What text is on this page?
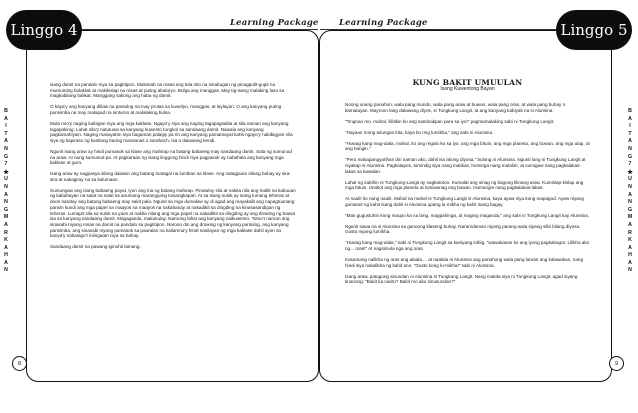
Linggo 4	Learning Package
B
A
I
T
A
N
G
7
★
U
N
A
N
G
M
A
R
K
A
H
A
N

isang damit na pandalo niya sa pagtitipon. Makintab na rosas ang tela nito na sinabugan ng pinagpulit-gupit na mumunting bulaklak at makikislap na rosas at puting abaloryo. Bolga ang manggas. May tig-isang malaking laso sa magkabilang balikat. Manggang sakong ang haba ng damit.

O kaya'y ang kanyang diliaw na pantulog na may prutas sa kuwelyo, manggas, at laylayan. O ang kanyang puting pansimba na may malapad na sinturon at malalaking bulsa.

Mula noo'y naging kaibigan niya ang mga kaklase. Ngayo'y siya ang naging tagapagsalita at sila naman ang kanyang tagapakinig. Lahat sila'y natutuwa sa kanyang kuwento tungkol sa sandaang damit. Nawala ang kanyang pagkamahiyain. Naging masayahin siya bagaman palagiy pa rin ang kanyang pamamayat kahit ngayo'y nabibigyan nila siya ng kapiraso ng kanilang baong mansanas o sandwich, isa o dalawang kendi.

Ngunit isang araw ay hindi pumasok sa klase ang mahirap na batang babaeng may sandaang damit. Sala ng sumunod na araw. At nang sumunod pa. At pagkaraan ng isang linggong hindi niya pagpasok ay nabahala ang kanyang mga kaklase at guro.

Isang araw ay nagpasya silang dalawin ang batang matagal na lumiban sa klase. Ang natagpuan nilang bahay ay sira-sira at nakagiray na sa kalumaan.

Sumungaw ang isang babaeng payat, iyon ang ina ng batang mahirap. Pinatuloy sila at nakita nila ang maliit na kabuuan ng kabahayan na salat na salat sa anumang marangyang kasangkapan. At sa isang sulok ay isang lumang teheras at doon naratay ang batang babaeng may sakit pala. Ngunit sa mga dumalaw ay di agad ang mayakalit ang napagtuunang pansin kundi ang mga papel na maayos na maayos na nakahanay at nakadikit sa dingding na kinasasandigan ng teheras. Lumapit sila sa sulok na yaon at nakita nilang ang mga papel na nakadikit sa dingding ay ang drowing ng bawat isa sa kanyang sandaang damit. Magaganda, makukulay. Naroong lahat ang kanyang naikuwento. Totoo't naroon ang sinasabi niyang rosas na damit na pandalo sa pagtitipon. Naroon din ang drowing ng kanyang pantulog, ang kanyang pansimba, ang sinasabi niyang pamasok sa paaralan na kailanma'y hindi nasilayan ng mga kaklase dahil ayon sa kanya'y nakatago't iniingatan niya sa bahay.

Sandaang damit na pawang iginuhit lamang.

8
Linggo 5
Learning Package
B
A
I
T
A
N
G
7
★
U
N
A
N
G
M
A
R
K
A
H
A
N
KUNG BAKIT UMUULAN
Isang Kuwentong Bayan

Noong unang panahon, wala pang mundo, wala pang araw at buwan, wala pang oras, at wala pang buhay o kamatayan. Mayroon lang dalawang diyos, si Tungkung Langit, at ang kanyang kabiyak na si Alunsina.

"Tingnan mo, mahal, liliitikin ko ang santinakpan para sa iyo!" pagmamalaking sabi ni Tungkung Langit.

"Hayaan mong tulungan kita, kaya ko ring lumikha," ang sabi ni Alunsina.

"Huwag kang mag-alala, mahal, ito ang regalo ko sa iyo: ang mga bituin, ang mga planeta, ang buwan, ang mga ulap, at ang hangin."

"Pero makapangyarihan din naman ako, dahil isa akong diyosa," bulong ni Alunsina. Ngunit lang si Tungkung Langit at niyakap si Alunsina. Pagkatapos, tumindig siya nang matikas, humingа nang malalim, at sumigaw nang pagkalakas-lakas sa kawalan.

Lahat ng sabihin ni Tungkung-Langit ay nagkatotoo. Kumalat ang sinag ng bagong liknang araw. Kumislap-kislap ang mga bituin. Umikot ang mga planeta at lumiwanag ang buwan. Humangin nang pagkalakas-lakas.

At naulit ito nang naulit. Mahal na mahal ni Tungkung Langit si Alunsina, kaya ayaw niya itong mapagod. Ayaw niyang gumamit ng kahit isang daliri si Alunsina upang lu-mikha ng kahit isang bagay.

"Mas gugustuhin kong maupo ka na lang, magpahinga, at maging maganda," ang sabi ni Tungkung Langit kay Alunsina.

Ngunit sawa na si Alunsina sa ganoong klaseng buhay. Naramdaman niyang parang wala siyang silbi bilang diyosa. Gusto niyang lumikha.

"Huwag kang mag-alala," sabi ni Tungkung Langit sa kaniyang inibig, "wawakasan ko ang iyong pagkabagot. Lilikha ako ng... oras!" At nagsimula nga ang oras.

Kasamang nalikha ng oras ang alaala.... at naalala ni Alunsina ang panahong wala pang lamán ang kalawakan, nang hindi siya nakalikha ng kahit ano. "Gusto kong lu-mikha!" sabi ni Alunsina.

Isang araw, patagong sinundan ni Alunsina si Tungkung Langit. Nang makita siya ni Tungkung Langit, agad siyang tinanong: "Bakit ka narito? Bakit mo ako sinusundan?"

9
